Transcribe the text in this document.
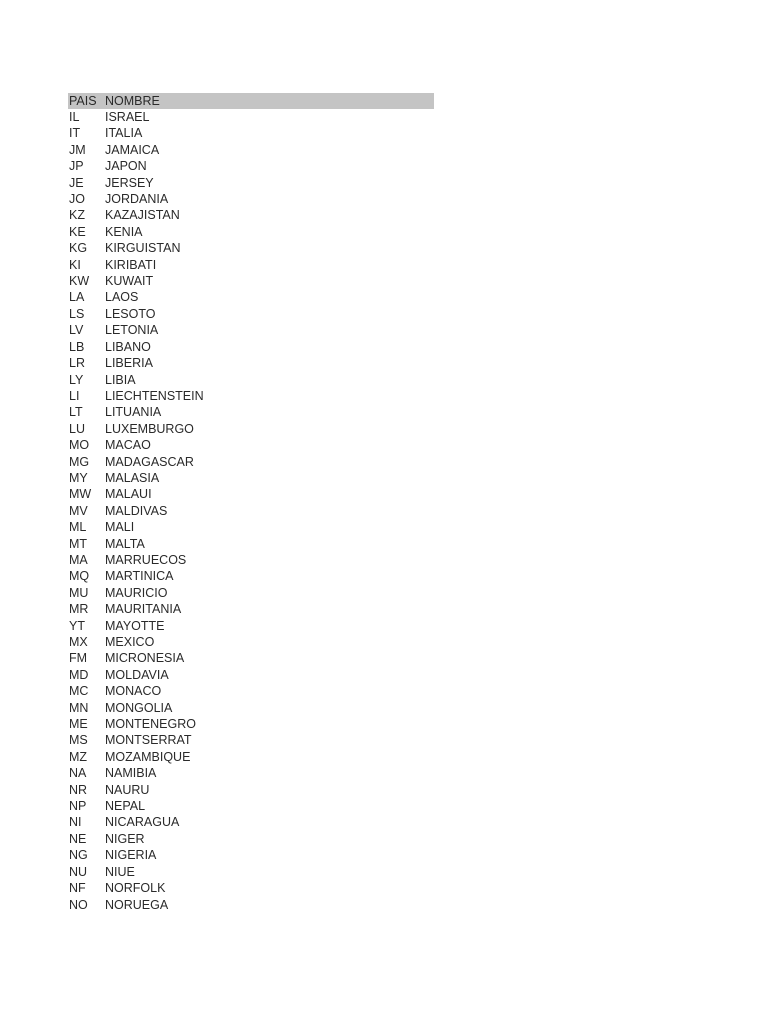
PAIS NOMBRE
IL	ISRAEL
IT	ITALIA
JM	JAMAICA
JP	JAPON
JE	JERSEY
JO	JORDANIA
KZ	KAZAJISTAN
KE	KENIA
KG	KIRGUISTAN
KI	KIRIBATI
KW	KUWAIT
LA	LAOS
LS	LESOTO
LV	LETONIA
LB	LIBANO
LR	LIBERIA
LY	LIBIA
LI	LIECHTENSTEIN
LT	LITUANIA
LU	LUXEMBURGO
MO	MACAO
MG	MADAGASCAR
MY	MALASIA
MW	MALAUI
MV	MALDIVAS
ML	MALI
MT	MALTA
MA	MARRUECOS
MQ	MARTINICA
MU	MAURICIO
MR	MAURITANIA
YT	MAYOTTE
MX	MEXICO
FM	MICRONESIA
MD	MOLDAVIA
MC	MONACO
MN	MONGOLIA
ME	MONTENEGRO
MS	MONTSERRAT
MZ	MOZAMBIQUE
NA	NAMIBIA
NR	NAURU
NP	NEPAL
NI	NICARAGUA
NE	NIGER
NG	NIGERIA
NU	NIUE
NF	NORFOLK
NO	NORUEGA
